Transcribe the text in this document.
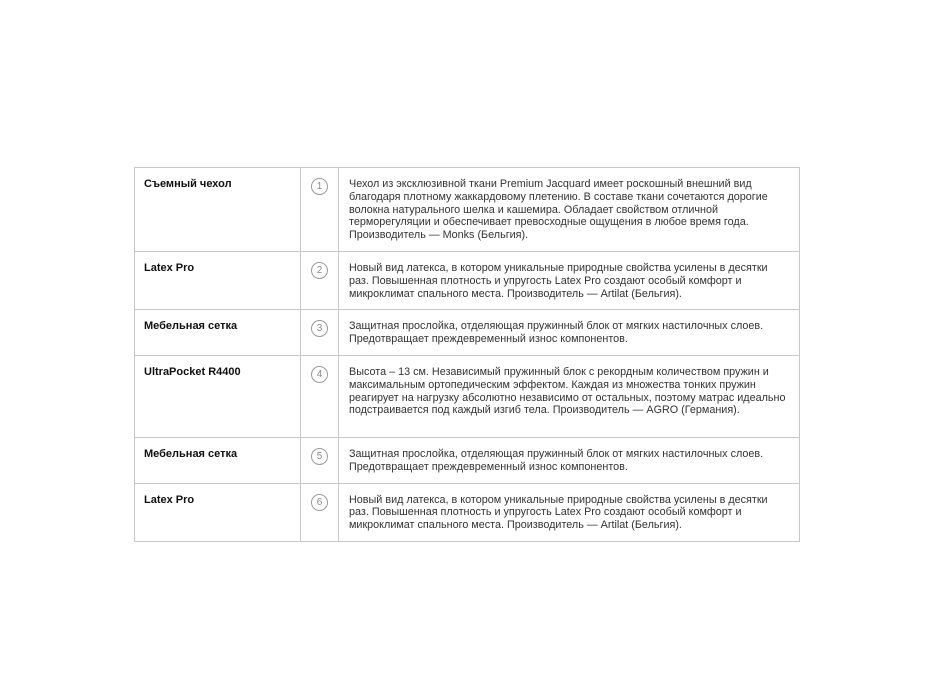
Съемный чехол	1	Чехол из эксклюзивной ткани Premium Jacquard имеет роскошный внешний вид благодаря плотному жаккардовому плетению. В составе ткани сочетаются дорогие волокна натурального шелка и кашемира. Обладает свойством отличной терморегуляции и обеспечивает превосходные ощущения в любое время года. Производитель — Monks (Бельгия).

Latex Pro	2	Новый вид латекса, в котором уникальные природные свойства усилены в десятки раз. Повышенная плотность и упругость Latex Pro создают особый комфорт и микроклимат спального места. Производитель — Artilat (Бельгия).

Мебельная сетка	3	Защитная прослойка, отделяющая пружинный блок от мягких настилочных слоев. Предотвращает преждевременный износ компонентов.

UltraPocket R4400	4	Высота – 13 см. Независимый пружинный блок с рекордным количеством пружин и максимальным ортопедическим эффектом. Каждая из множества тонких пружин реагирует на нагрузку абсолютно независимо от остальных, поэтому матрас идеально подстраивается под каждый изгиб тела. Производитель — AGRO (Германия).

Мебельная сетка	5	Защитная прослойка, отделяющая пружинный блок от мягких настилочных слоев. Предотвращает преждевременный износ компонентов.

Latex Pro	6	Новый вид латекса, в котором уникальные природные свойства усилены в десятки раз. Повышенная плотность и упругость Latex Pro создают особый комфорт и микроклимат спального места. Производитель — Artilat (Бельгия).
